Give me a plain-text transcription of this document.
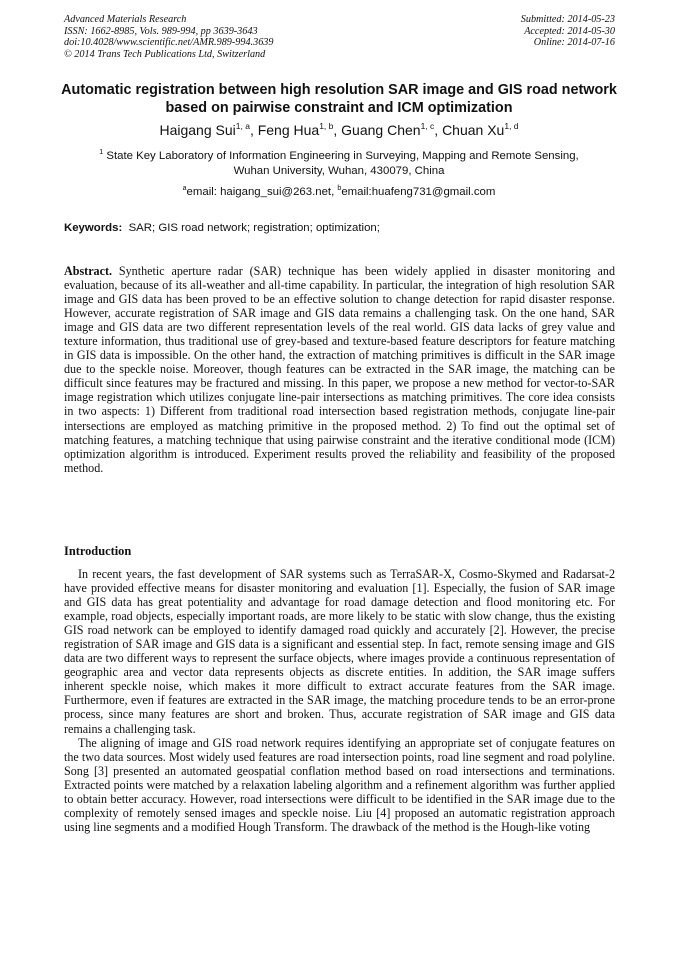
Advanced Materials Research
ISSN: 1662-8985, Vols. 989-994, pp 3639-3643
doi:10.4028/www.scientific.net/AMR.989-994.3639
© 2014 Trans Tech Publications Ltd, Switzerland
Submitted: 2014-05-23
Accepted: 2014-05-30
Online: 2014-07-16
Automatic registration between high resolution SAR image and GIS road network based on pairwise constraint and ICM optimization
Haigang Sui$^{1, a}$, Feng Hua$^{1, b}$, Guang Chen$^{1, c}$, Chuan Xu$^{1, d}$
$^1$ State Key Laboratory of Information Engineering in Surveying, Mapping and Remote Sensing,
Wuhan University, Wuhan, 430079, China
$^a$email: haigang_sui@263.net, $^b$email:huafeng731@gmail.com
Keywords: SAR; GIS road network; registration; optimization;
Abstract. Synthetic aperture radar (SAR) technique has been widely applied in disaster monitoring and evaluation, because of its all-weather and all-time capability. In particular, the integration of high resolution SAR image and GIS data has been proved to be an effective solution to change detection for rapid disaster response. However, accurate registration of SAR image and GIS data remains a challenging task. On the one hand, SAR image and GIS data are two different representation levels of the real world. GIS data lacks of grey value and texture information, thus traditional use of grey-based and texture-based feature descriptors for feature matching in GIS data is impossible. On the other hand, the extraction of matching primitives is difficult in the SAR image due to the speckle noise. Moreover, though features can be extracted in the SAR image, the matching can be difficult since features may be fractured and missing. In this paper, we propose a new method for vector-to-SAR image registration which utilizes conjugate line-pair intersections as matching primitives. The core idea consists in two aspects: 1) Different from traditional road intersection based registration methods, conjugate line-pair intersections are employed as matching primitive in the proposed method. 2) To find out the optimal set of matching features, a matching technique that using pairwise constraint and the iterative conditional mode (ICM) optimization algorithm is introduced. Experiment results proved the reliability and feasibility of the proposed method.
Introduction

In recent years, the fast development of SAR systems such as TerraSAR-X, Cosmo-Skymed and Radarsat-2 have provided effective means for disaster monitoring and evaluation [1]. Especially, the fusion of SAR image and GIS data has great potentiality and advantage for road damage detection and flood monitoring etc. For example, road objects, especially important roads, are more likely to be static with slow change, thus the existing GIS road network can be employed to identify damaged road quickly and accurately [2]. However, the precise registration of SAR image and GIS data is a significant and essential step. In fact, remote sensing image and GIS data are two different ways to represent the surface objects, where images provide a continuous representation of geographic area and vector data represents objects as discrete entities. In addition, the SAR image suffers inherent speckle noise, which makes it more difficult to extract accurate features from the SAR image. Furthermore, even if features are extracted in the SAR image, the matching procedure tends to be an error-prone process, since many features are short and broken. Thus, accurate registration of SAR image and GIS data remains a challenging task.

The aligning of image and GIS road network requires identifying an appropriate set of conjugate features on the two data sources. Most widely used features are road intersection points, road line segment and road polyline. Song [3] presented an automated geospatial conflation method based on road intersections and terminations. Extracted points were matched by a relaxation labeling algorithm and a refinement algorithm was further applied to obtain better accuracy. However, road intersections were difficult to be identified in the SAR image due to the complexity of remotely sensed images and speckle noise. Liu [4] proposed an automatic registration approach using line segments and a modified Hough Transform. The drawback of the method is the Hough-like voting
